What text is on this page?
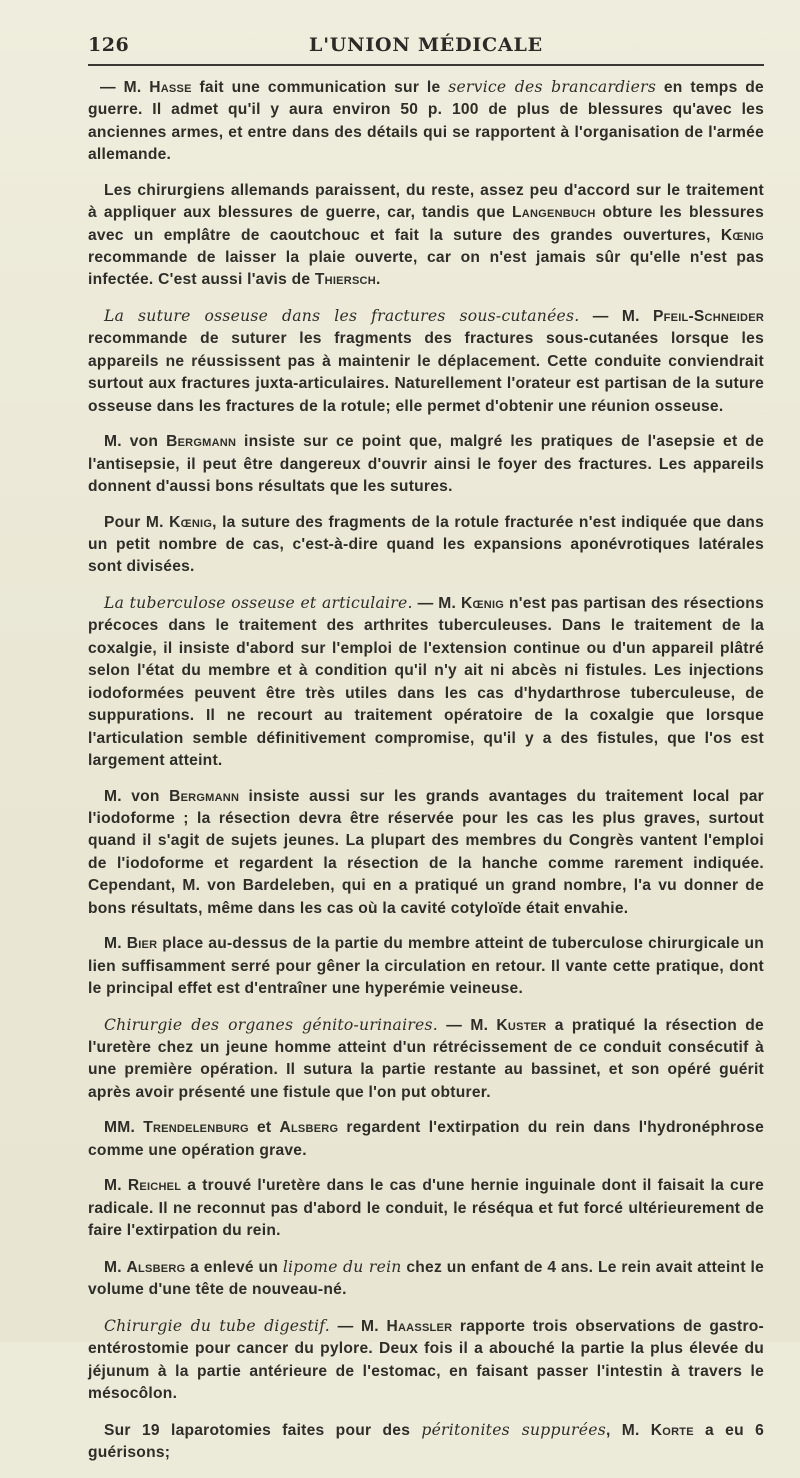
126	L'UNION MÉDICALE

— M. Hasse fait une communication sur le service des brancardiers en temps de guerre. Il admet qu'il y aura environ 50 p. 100 de plus de blessures qu'avec les anciennes armes, et entre dans des détails qui se rapportent à l'organisation de l'armée allemande.

Les chirurgiens allemands paraissent, du reste, assez peu d'accord sur le traitement à appliquer aux blessures de guerre, car, tandis que Langenbuch obture les blessures avec un emplâtre de caoutchouc et fait la suture des grandes ouvertures, Kœnig recommande de laisser la plaie ouverte, car on n'est jamais sûr qu'elle n'est pas infectée. C'est aussi l'avis de Thiersch.

La suture osseuse dans les fractures sous-cutanées. — M. Pfeil-Schneider recommande de suturer les fragments des fractures sous-cutanées lorsque les appareils ne réussissent pas à maintenir le déplacement. Cette conduite conviendrait surtout aux fractures juxta-articulaires. Naturellement l'orateur est partisan de la suture osseuse dans les fractures de la rotule; elle permet d'obtenir une réunion osseuse.

M. von Bergmann insiste sur ce point que, malgré les pratiques de l'asepsie et de l'antisepsie, il peut être dangereux d'ouvrir ainsi le foyer des fractures. Les appareils donnent d'aussi bons résultats que les sutures.

Pour M. Kœnig, la suture des fragments de la rotule fracturée n'est indiquée que dans un petit nombre de cas, c'est-à-dire quand les expansions aponévrotiques latérales sont divisées.

La tuberculose osseuse et articulaire. — M. Kœnig n'est pas partisan des résections précoces dans le traitement des arthrites tuberculeuses. Dans le traitement de la coxalgie, il insiste d'abord sur l'emploi de l'extension continue ou d'un appareil plâtré selon l'état du membre et à condition qu'il n'y ait ni abcès ni fistules. Les injections iodoformées peuvent être très utiles dans les cas d'hydarthrose tuberculeuse, de suppurations. Il ne recourt au traitement opératoire de la coxalgie que lorsque l'articulation semble définitivement compromise, qu'il y a des fistules, que l'os est largement atteint.

M. von Bergmann insiste aussi sur les grands avantages du traitement local par l'iodoforme ; la résection devra être réservée pour les cas les plus graves, surtout quand il s'agit de sujets jeunes. La plupart des membres du Congrès vantent l'emploi de l'iodoforme et regardent la résection de la hanche comme rarement indiquée. Cependant, M. von Bardeleben, qui en a pratiqué un grand nombre, l'a vu donner de bons résultats, même dans les cas où la cavité cotyloïde était envahie.

M. Bier place au-dessus de la partie du membre atteint de tuberculose chirurgicale un lien suffisamment serré pour gêner la circulation en retour. Il vante cette pratique, dont le principal effet est d'entraîner une hyperémie veineuse.

Chirurgie des organes génito-urinaires. — M. Kuster a pratiqué la résection de l'uretère chez un jeune homme atteint d'un rétrécissement de ce conduit consécutif à une première opération. Il sutura la partie restante au bassinet, et son opéré guérit après avoir présenté une fistule que l'on put obturer.

MM. Trendelenburg et Alsberg regardent l'extirpation du rein dans l'hydronéphrose comme une opération grave.

M. Reichel a trouvé l'uretère dans le cas d'une hernie inguinale dont il faisait la cure radicale. Il ne reconnut pas d'abord le conduit, le réséqua et fut forcé ultérieurement de faire l'extirpation du rein.

M. Alsberg a enlevé un lipome du rein chez un enfant de 4 ans. Le rein avait atteint le volume d'une tête de nouveau-né.

Chirurgie du tube digestif. — M. Haassler rapporte trois observations de gastro-entérostomie pour cancer du pylore. Deux fois il a abouché la partie la plus élevée du jéjunum à la partie antérieure de l'estomac, en faisant passer l'intestin à travers le mésocôlon.

Sur 19 laparotomies faites pour des péritonites suppurées, M. Korte a eu 6 guérisons;
